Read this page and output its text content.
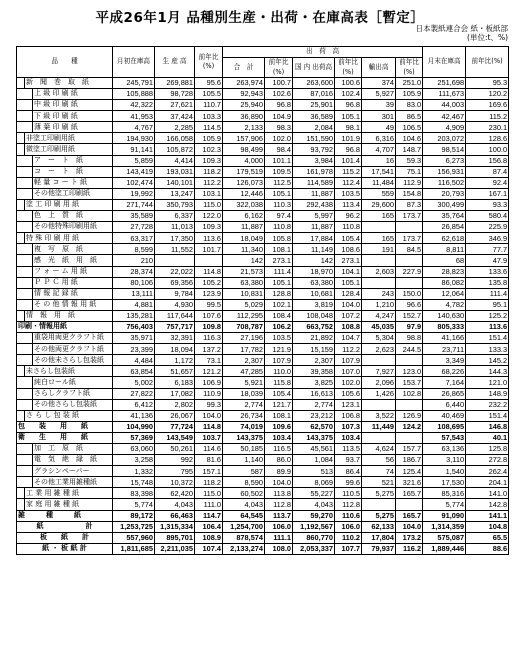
平成26年1月 品種別生産・出荷・在庫高表［暫定］
日本製紙連合会 紙・板紙部
(単位:t、%)
品　　種			月初在庫高	生 産 高	前年比(%)	出　荷　高						月末在庫高	前年比(%)
						合　計	前年比(%)	国 内 出荷高	前年比(%)	輸出高	前年比(%)		
	新　聞　巻　取　紙		245,791	269,881	95.6	263,974	100.7	263,600	100.6	374	251.0	251,698	95.3
		上 級 印 刷 紙	105,888	98,728	105.5	92,943	102.6	87,016	102.4	5,927	105.9	111,673	120.2
		中 級 印 刷 紙	42,322	27,621	110.7	25,940	96.8	25,901	96.8	39	83.0	44,003	169.6
		下 級 印 刷 紙	41,953	37,424	103.3	36,890	104.9	36,589	105.1	301	86.5	42,467	115.2
		薄 葉 印 刷 紙	4,767	2,285	114.5	2,133	98.3	2,084	98.1	49	106.5	4,909	230.1
	非塗工印刷用紙		194,930	166,058	105.9	157,906	102.0	151,590	101.9	6,316	104.6	203,072	128.6
	微塗工印刷用紙		91,141	105,872	102.3	98,499	98.4	93,792	96.8	4,707	148.7	98,514	100.0
		ア　ー　ト　紙	5,859	4,414	109.3	4,000	101.1	3,984	101.4	16	59.3	6,273	156.8
		コ　ー　ト　紙	143,419	193,031	118.2	179,519	109.5	161,978	115.2	17,541	75.1	156,931	87.4
		軽 量 コ ー ト 紙	102,474	140,101	112.2	126,073	112.5	114,589	112.4	11,484	112.9	116,502	92.4
		その他塗工印刷紙	19,992	13,247	103.1	12,446	105.1	11,887	103.5	559	154.8	20,793	167.1
	塗 工 印 刷 用 紙		271,744	350,793	115.0	322,038	110.3	292,438	113.4	29,600	87.3	300,499	93.3
		色　上　質　紙	35,589	6,337	122.0	6,162	97.4	5,997	96.2	165	173.7	35,764	580.4
		その他特殊印刷用紙	27,728	11,013	109.3	11,887	110.8	11,887	110.8			26,854	225.9
	特 殊 印 刷 用 紙		63,317	17,350	113.6	18,049	105.8	17,884	105.4	165	173.7	62,618	346.9
		複　写　原　紙	8,599	11,552	101.7	11,340	108.1	11,149	108.6	191	84.5	8,811	77.7
		感　光　紙　用　紙	210			142	273.1	142	273.1			68	47.9
		フ ォ ー ム 用 紙	28,374	22,022	114.8	21,573	111.4	18,970	104.1	2,603	227.9	28,823	133.6
		Ｐ Ｐ Ｃ 用 紙	80,106	69,356	105.2	63,380	105.1	63,380	105.1			86,082	135.8
		情 報 記 録 紙	13,111	9,784	123.9	10,831	128.8	10,681	128.4	243	150.0	12,064	111.4
		そ の 他 情 報 用 紙	4,881	4,930	99.5	5,029	102.1	3,819	104.0	1,210	96.6	4,782	95.1
	情　報　用　紙		135,281	117,644	107.6	112,295	108.4	108,048	107.2	4,247	152.7	140,630	125.2
印刷・情報用紙			756,403	757,717	109.8	708,787	106.2	663,752	108.8	45,035	97.9	805,333	113.6
		重袋用両更クラフト紙	35,971	32,391	116.3	27,196	103.5	21,892	104.7	5,304	98.8	41,166	151.4
		その他両更クラフト紙	23,399	18,094	137.2	17,782	121.9	15,159	112.2	2,623	244.5	23,711	133.3
		その他未さらし包装紙	4,484	1,172	73.1	2,307	107.9	2,307	107.9			3,349	145.2
	未さらし包装紙		63,854	51,657	121.2	47,285	110.0	39,358	107.0	7,927	123.0	68,226	144.3
		純白ロール紙	5,002	6,183	106.9	5,921	115.8	3,825	102.0	2,096	153.7	7,164	121.0
		さらしクラフト紙	27,822	17,082	110.9	18,039	105.4	16,613	105.6	1,426	102.8	26,865	148.9
		その他さらし包装紙	6,412	2,802	99.3	2,774	121.7	2,774	123.1			6,440	232.2
	さ ら し 包 装 紙		41,136	26,067	104.0	26,734	108.1	23,212	106.8	3,522	126.9	40,469	151.4
包　　装　　用　　紙			104,990	77,724	114.8	74,019	109.6	62,570	107.3	11,449	124.2	108,695	146.8
衛　　生　　用　　紙			57,369	143,549	103.7	143,375	103.4	143,375	103.4			57,543	40.1
		加　工　原　紙	63,060	50,261	114.6	50,185	116.5	45,561	113.5	4,624	157.7	63,136	125.8
		電　気　絶　縁　紙	3,258	992	81.6	1,140	86.0	1,084	93.7	56	186.7	3,110	272.8
		グラシンペーパー	1,332	795	157.1	587	89.9	513	86.4	74	125.4	1,540	262.4
		その他工業用雑種紙	15,748	10,372	118.2	8,590	104.0	8,069	99.6	521	321.6	17,530	204.1
	工 業 用 雑 種 紙		83,398	62,420	115.0	60,502	113.8	55,227	110.5	5,275	165.7	85,316	141.0
	家 庭 用 雑 種 紙		5,774	4,043	111.0	4,043	112.8	4,043	112.8			5,774	142.8
雑　　　種　　　紙			89,172	66,463	114.7	64,545	113.7	59,270	110.6	5,275	165.7	91,090	141.1
紙　　　　　　計			1,253,725	1,315,334	106.4	1,254,700	106.0	1,192,567	106.0	62,133	104.0	1,314,359	104.8
板　　紙　　計			557,960	895,701	108.9	878,574	111.1	860,770	110.2	17,804	173.2	575,087	65.5
紙 ・ 板 紙 計			1,811,685	2,211,035	107.4	2,133,274	108.0	2,053,337	107.7	79,937	116.2	1,889,446	88.6
